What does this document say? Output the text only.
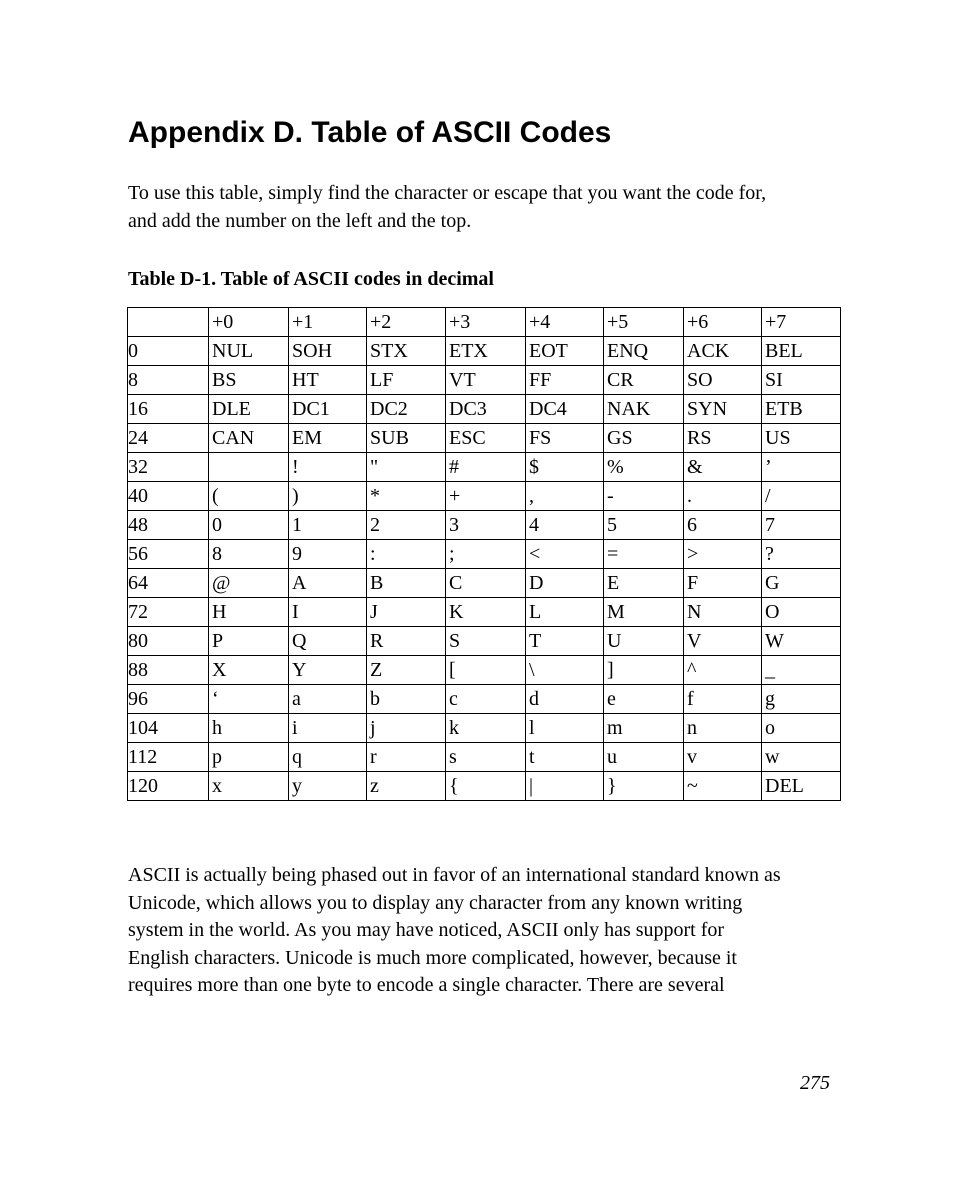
Appendix D. Table of ASCII Codes

To use this table, simply find the character or escape that you want the code for,
and add the number on the left and the top.

Table D-1. Table of ASCII codes in decimal

	+0	+1	+2	+3	+4	+5	+6	+7
0	NUL	SOH	STX	ETX	EOT	ENQ	ACK	BEL
8	BS	HT	LF	VT	FF	CR	SO	SI
16	DLE	DC1	DC2	DC3	DC4	NAK	SYN	ETB
24	CAN	EM	SUB	ESC	FS	GS	RS	US
32		!	"	#	$	%	&	’
40	(	)	*	+	,	-	.	/
48	0	1	2	3	4	5	6	7
56	8	9	:	;	<	=	>	?
64	@	A	B	C	D	E	F	G
72	H	I	J	K	L	M	N	O
80	P	Q	R	S	T	U	V	W
88	X	Y	Z	[	\	]	^	_
96	‘	a	b	c	d	e	f	g
104	h	i	j	k	l	m	n	o
112	p	q	r	s	t	u	v	w
120	x	y	z	{	|	}	~	DEL

ASCII is actually being phased out in favor of an international standard known as
Unicode, which allows you to display any character from any known writing
system in the world. As you may have noticed, ASCII only has support for
English characters. Unicode is much more complicated, however, because it
requires more than one byte to encode a single character. There are several

275
